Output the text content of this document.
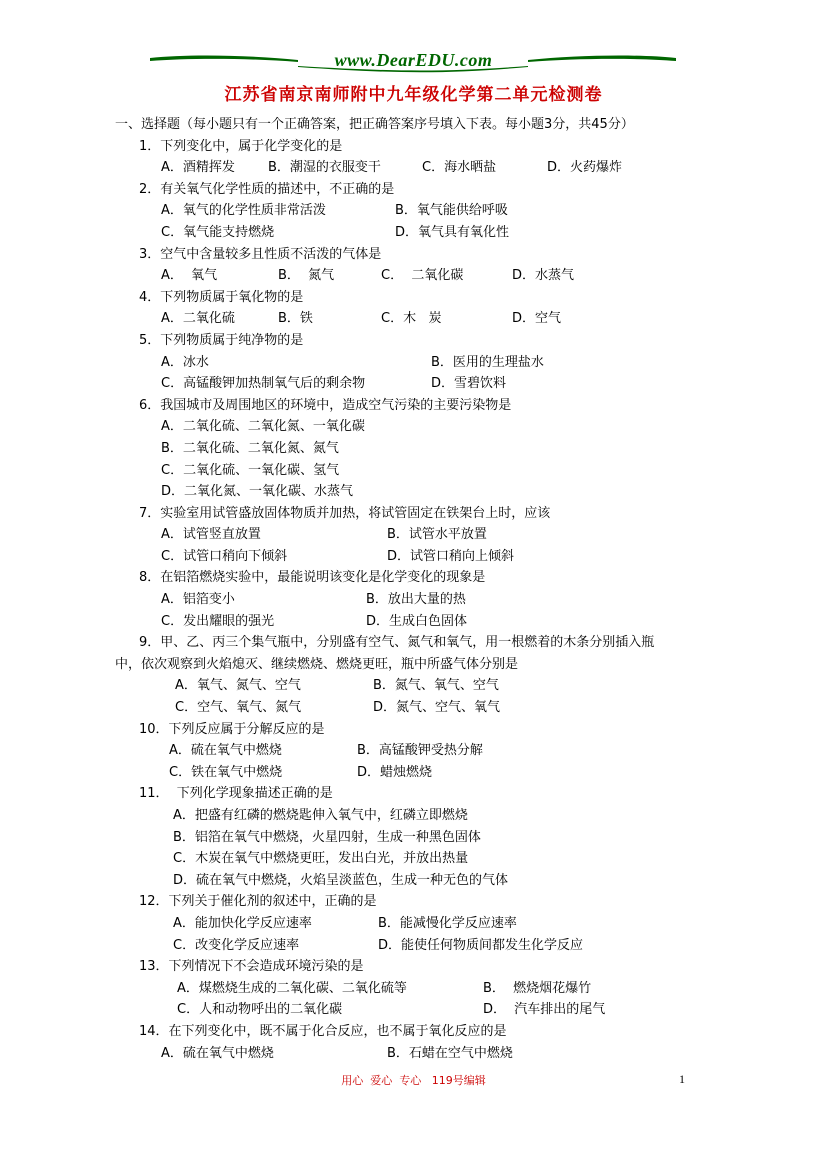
www.DearEDU.com
江苏省南京南师附中九年级化学第二单元检测卷
一、选择题（每小题只有一个正确答案，把正确答案序号填入下表。每小题3分，共45分）
1．下列变化中，属于化学变化的是
A．酒精挥发	B．潮湿的衣服变干	C．海水晒盐	D．火药爆炸
2．有关氧气化学性质的描述中，不正确的是
A．氧气的化学性质非常活泼	B．氧气能供给呼吸
C．氧气能支持燃烧	D．氧气具有氧化性
3．空气中含量较多且性质不活泼的气体是
A．  氧气	B．  氮气	C．  二氧化碳	D．水蒸气
4．下列物质属于氧化物的是
A．二氧化硫	B．铁	C．木   炭	D．空气
5．下列物质属于纯净物的是
A．冰水	B．医用的生理盐水
C．高锰酸钾加热制氧气后的剩余物	D．雪碧饮料
6．我国城市及周围地区的环境中，造成空气污染的主要污染物是
A．二氧化硫、二氧化氮、一氧化碳
B．二氧化硫、二氧化氮、氮气
C．二氧化硫、一氧化碳、氢气
D．二氧化氮、一氧化碳、水蒸气
7．实验室用试管盛放固体物质并加热，将试管固定在铁架台上时，应该
A．试管竖直放置	B．试管水平放置
C．试管口稍向下倾斜	D．试管口稍向上倾斜
8．在铝箔燃烧实验中，最能说明该变化是化学变化的现象是
A．铝箔变小	B．放出大量的热
C．发出耀眼的强光	D．生成白色固体
9．甲、乙、丙三个集气瓶中，分别盛有空气、氮气和氧气，用一根燃着的木条分别插入瓶
中，依次观察到火焰熄灭、继续燃烧、燃烧更旺，瓶中所盛气体分别是
A．氧气、氮气、空气	B．氮气、氧气、空气
C．空气、氧气、氮气	D．氮气、空气、氧气
10．下列反应属于分解反应的是
A．硫在氧气中燃烧	B．高锰酸钾受热分解
C．铁在氧气中燃烧	D．蜡烛燃烧
11．  下列化学现象描述正确的是
A．把盛有红磷的燃烧匙伸入氧气中，红磷立即燃烧
B．铝箔在氧气中燃烧，火星四射，生成一种黑色固体
C．木炭在氧气中燃烧更旺，发出白光，并放出热量
D．硫在氧气中燃烧，火焰呈淡蓝色，生成一种无色的气体
12．下列关于催化剂的叙述中，正确的是
A．能加快化学反应速率	B．能减慢化学反应速率
C．改变化学反应速率	D．能使任何物质间都发生化学反应
13．下列情况下不会造成环境污染的是
A．煤燃烧生成的二氧化碳、二氧化硫等	B．  燃烧烟花爆竹
C．人和动物呼出的二氧化碳	D．  汽车排出的尾气
14．在下列变化中，既不属于化合反应，也不属于氧化反应的是
A．硫在氧气中燃烧	B．石蜡在空气中燃烧
用心  爱心  专心   119号编辑	1
